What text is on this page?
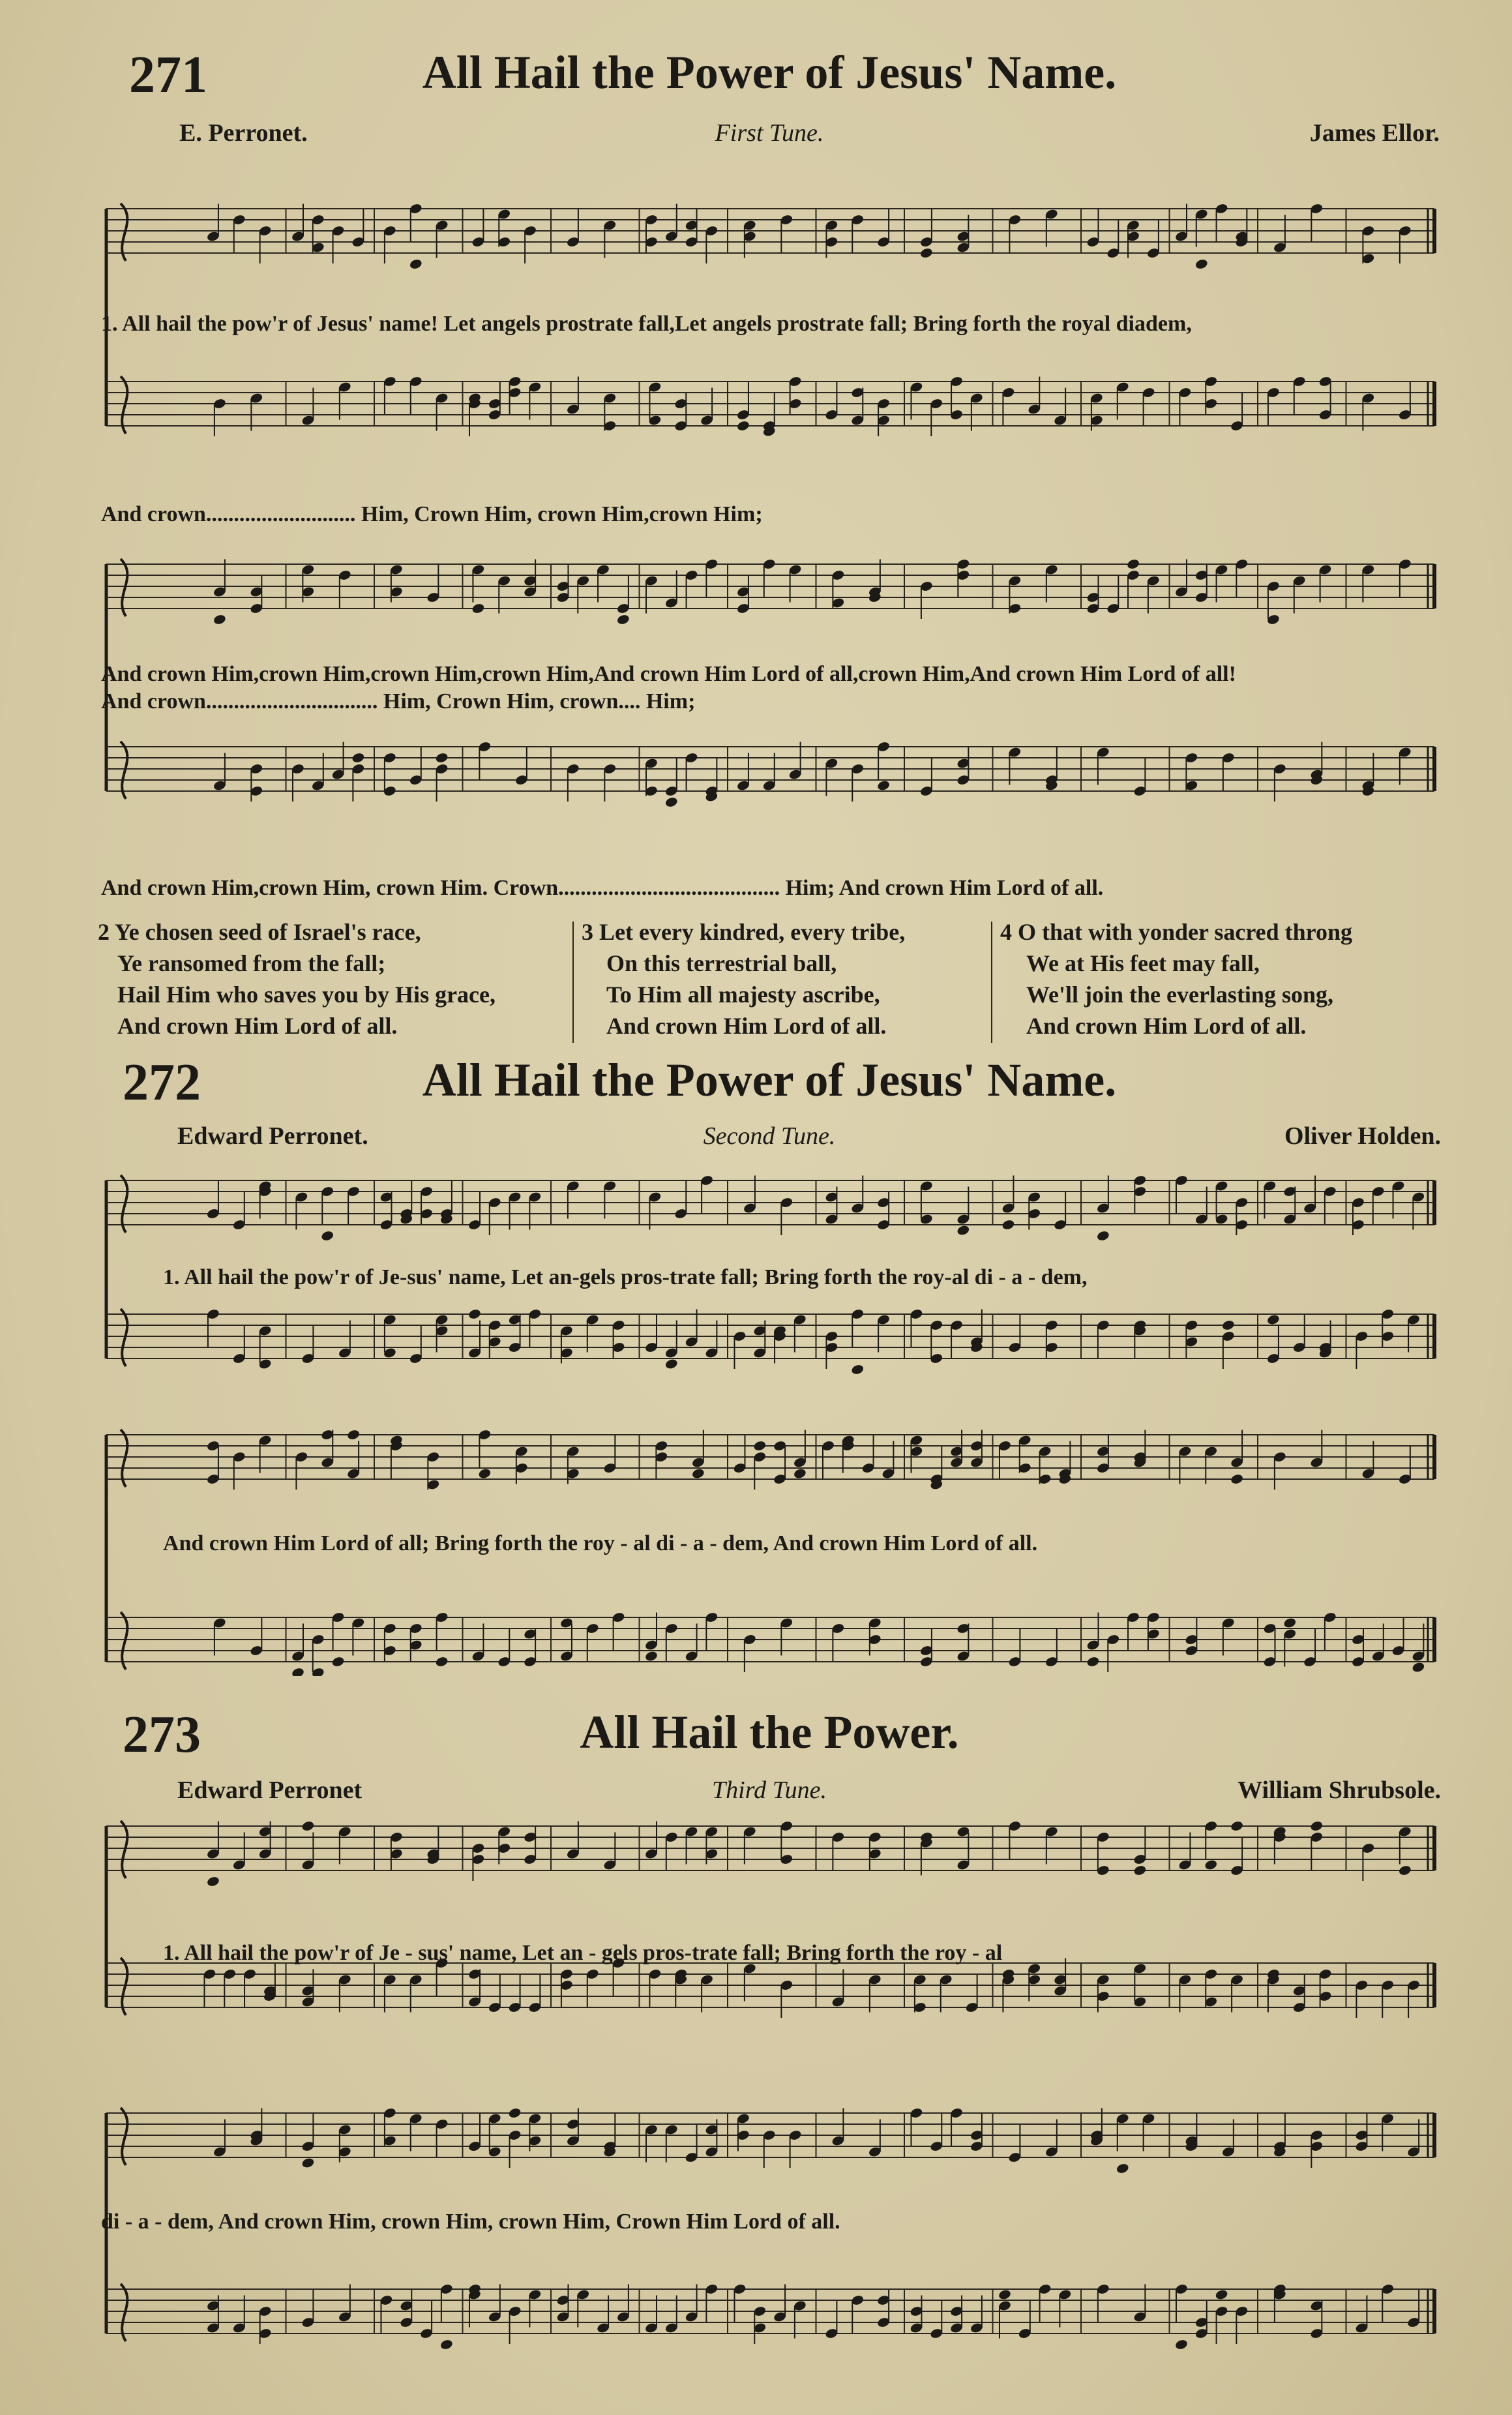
271	All Hail the Power of Jesus' Name.
E. Perronet.	First Tune.	James Ellor.
1. All hail the pow'r of Jesus' name! Let angels prostrate fall,Let angels prostrate fall; Bring forth the royal diadem,
And crown........................... Him, Crown Him, crown Him,crown Him;
And crown Him,crown Him,crown Him,crown Him,And crown Him Lord of all,crown Him,And crown Him Lord of all!
And crown............................... Him, Crown Him, crown.... Him;
And crown Him,crown Him, crown Him. Crown........................................ Him; And crown Him Lord of all.
2 Ye chosen seed of Israel's race,
Ye ransomed from the fall;
Hail Him who saves you by His grace,
And crown Him Lord of all.
3 Let every kindred, every tribe,
On this terrestrial ball,
To Him all majesty ascribe,
And crown Him Lord of all.
4 O that with yonder sacred throng
We at His feet may fall,
We'll join the everlasting song,
And crown Him Lord of all.
272	All Hail the Power of Jesus' Name.
Edward Perronet.	Second Tune.	Oliver Holden.
1. All hail the pow'r of Je-sus' name, Let an-gels pros-trate fall; Bring forth the roy-al di - a - dem,
And crown Him Lord of all; Bring forth the roy - al di - a - dem, And crown Him Lord of all.
273	All Hail the Power.
Edward Perronet	Third Tune.	William Shrubsole.
1. All hail the pow'r of Je - sus' name, Let an - gels pros-trate fall; Bring forth the roy - al
di - a - dem, And crown Him, crown Him, crown Him, Crown Him Lord of all.
